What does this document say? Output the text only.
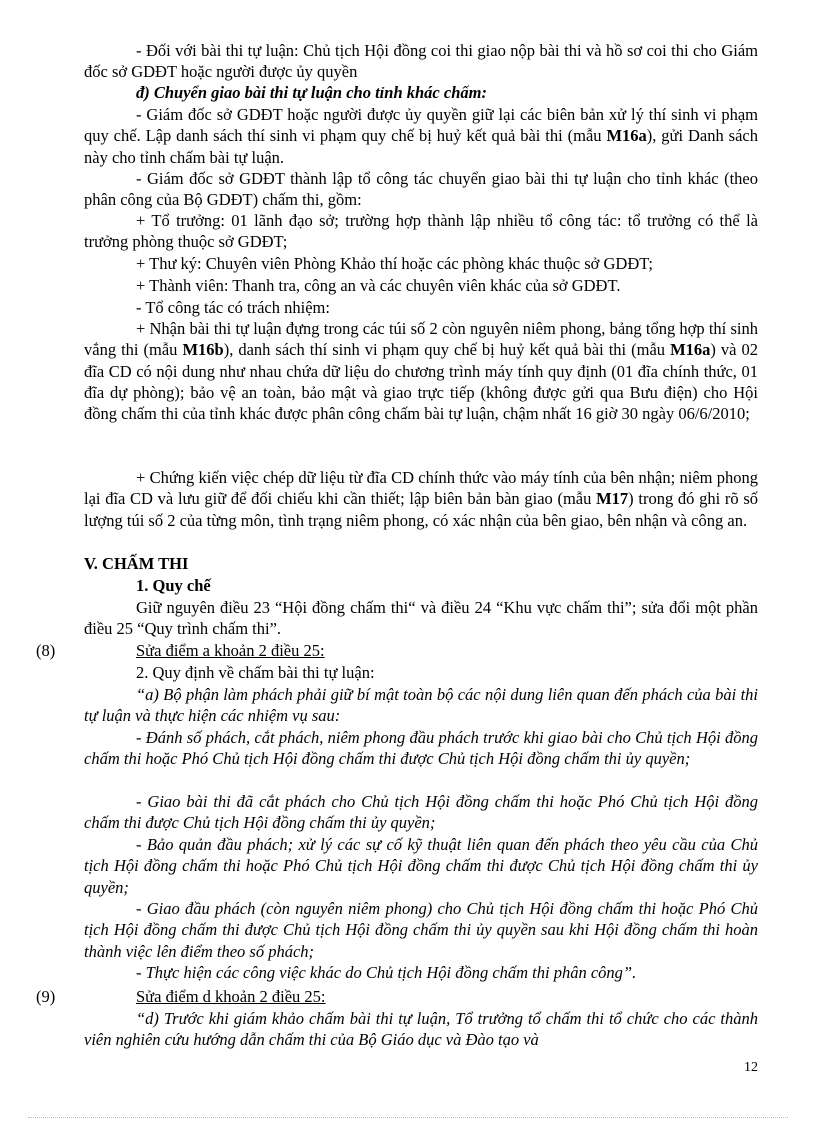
- Đối với bài thi tự luận: Chủ tịch Hội đồng coi thi giao nộp bài thi và hồ sơ coi thi cho Giám đốc sở GDĐT hoặc người được ủy quyền

đ) Chuyển giao bài thi tự luận cho tỉnh khác chấm:

- Giám đốc sở GDĐT hoặc người được ủy quyền giữ lại các biên bản xử lý thí sinh vi phạm quy chế. Lập danh sách thí sinh vi phạm quy chế bị huỷ kết quả bài thi (mẫu M16a), gửi Danh sách này cho tỉnh chấm bài tự luận.

- Giám đốc sở GDĐT thành lập tổ công tác chuyển giao bài thi tự luận cho tỉnh khác (theo phân công của Bộ GDĐT) chấm thi, gồm:

+ Tổ trưởng: 01 lãnh đạo sở; trường hợp thành lập nhiều tổ công tác: tổ trưởng có thể là trưởng phòng thuộc sở GDĐT;

+ Thư ký: Chuyên viên Phòng Khảo thí hoặc các phòng khác thuộc sở GDĐT;

+ Thành viên: Thanh tra, công an và các chuyên viên khác của sở GDĐT.

- Tổ công tác có trách nhiệm:

+ Nhận bài thi tự luận đựng trong các túi số 2 còn nguyên niêm phong, bảng tổng hợp thí sinh vắng thi (mẫu M16b), danh sách thí sinh vi phạm quy chế bị huỷ kết quả bài thi (mẫu M16a) và 02 đĩa CD có nội dung như nhau chứa dữ liệu do chương trình máy tính quy định (01 đĩa chính thức, 01 đĩa dự phòng); bảo vệ an toàn, bảo mật và giao trực tiếp (không được gửi qua Bưu điện) cho Hội đồng chấm thi của tỉnh khác được phân công chấm bài tự luận, chậm nhất 16 giờ 30 ngày 06/6/2010;

+ Chứng kiến việc chép dữ liệu từ đĩa CD chính thức vào máy tính của bên nhận; niêm phong lại đĩa CD và lưu giữ để đối chiếu khi cần thiết; lập biên bản bàn giao (mẫu M17) trong đó ghi rõ số lượng túi số 2 của từng môn, tình trạng niêm phong, có xác nhận của bên giao, bên nhận và công an.

V. CHẤM THI
1. Quy chế

Giữ nguyên điều 23 “Hội đồng chấm thi“ và điều 24 “Khu vực chấm thi”; sửa đổi một phần điều 25 “Quy trình chấm thi”.

(8)	Sửa điểm a khoản 2 điều 25:
2. Quy định về chấm bài thi tự luận:

“a) Bộ phận làm phách phải giữ bí mật toàn bộ các nội dung liên quan đến phách của bài thi tự luận và thực hiện các nhiệm vụ sau:

- Đánh số phách, cắt phách, niêm phong đầu phách trước khi giao bài cho Chủ tịch Hội đồng chấm thi hoặc Phó Chủ tịch Hội đồng chấm thi được Chủ tịch Hội đồng chấm thi ủy quyền;

- Giao bài thi đã cắt phách cho Chủ tịch Hội đồng chấm thi hoặc Phó Chủ tịch Hội đồng chấm thi được Chủ tịch Hội đồng chấm thi ủy quyền;

- Bảo quản đầu phách; xử lý các sự cố kỹ thuật liên quan đến phách theo yêu cầu của Chủ tịch Hội đồng chấm thi hoặc Phó Chủ tịch Hội đồng chấm thi được Chủ tịch Hội đồng chấm thi ủy quyền;

- Giao đầu phách (còn nguyên niêm phong) cho Chủ tịch Hội đồng chấm thi hoặc Phó Chủ tịch Hội đồng chấm thi được Chủ tịch Hội đồng chấm thi ủy quyền sau khi Hội đồng chấm thi hoàn thành việc lên điểm theo số phách;

- Thực hiện các công việc khác do Chủ tịch Hội đồng chấm thi phân công”.

(9)	Sửa điểm d khoản 2 điều 25:

“d) Trước khi giám khảo chấm bài thi tự luận, Tổ trưởng tổ chấm thi tổ chức cho các thành viên nghiên cứu hướng dẫn chấm thi của Bộ Giáo dục và Đào tạo và

12
